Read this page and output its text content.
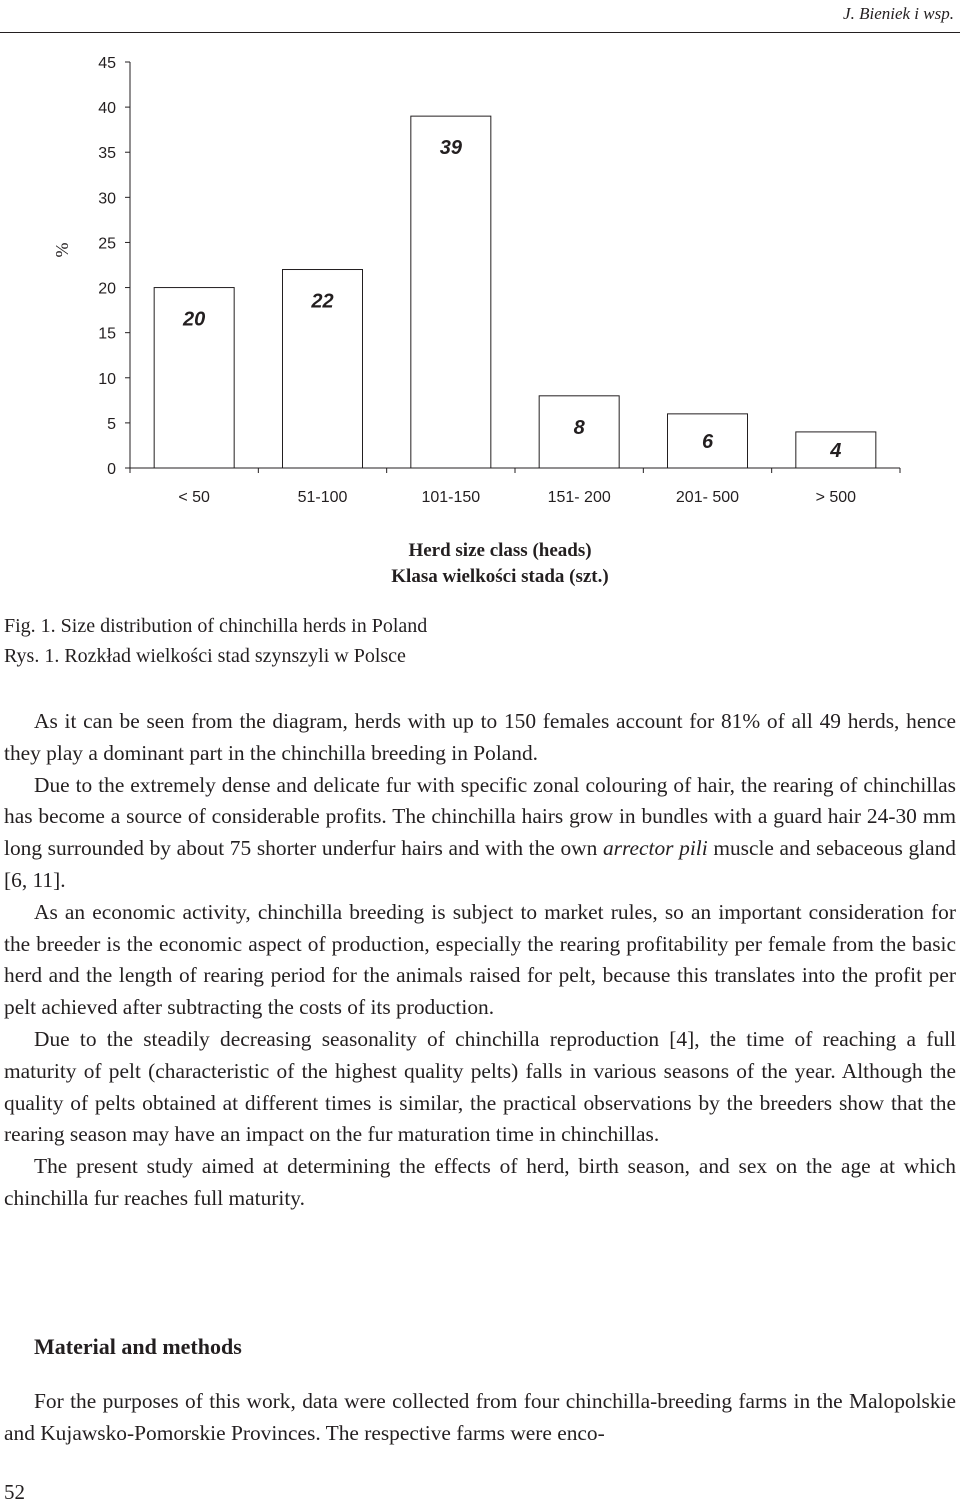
J. Bieniek i wsp.
0
5
10
15
20
25
30
35
40
45
%
20
< 50
22
51-100
39
101-150
8
151- 200
6
201- 500
4
> 500
Herd size class (heads)
Klasa wielkości stada (szt.)
Fig. 1. Size distribution of chinchilla herds in Poland
Rys. 1. Rozkład wielkości stad szynszyli w Polsce

As it can be seen from the diagram, herds with up to 150 females account for 81% of all 49 herds, hence they play a dominant part in the chinchilla breeding in Poland.

Due to the extremely dense and delicate fur with specific zonal colouring of hair, the rearing of chinchillas has become a source of considerable profits. The chinchilla hairs grow in bundles with a guard hair 24-30 mm long surrounded by about 75 shorter underfur hairs and with the own arrector pili muscle and sebaceous gland [6, 11].

As an economic activity, chinchilla breeding is subject to market rules, so an important consideration for the breeder is the economic aspect of production, especially the rearing profitability per female from the basic herd and the length of rearing period for the animals raised for pelt, because this translates into the profit per pelt achieved after subtracting the costs of its production.

Due to the steadily decreasing seasonality of chinchilla reproduction [4], the time of reaching a full maturity of pelt (characteristic of the highest quality pelts) falls in various seasons of the year. Although the quality of pelts obtained at different times is similar, the practical observations by the breeders show that the rearing season may have an impact on the fur maturation time in chinchillas.

The present study aimed at determining the effects of herd, birth season, and sex on the age at which chinchilla fur reaches full maturity.

Material and methods

For the purposes of this work, data were collected from four chinchilla-breeding farms in the Malopolskie and Kujawsko-Pomorskie Provinces. The respective farms were enco-

52
